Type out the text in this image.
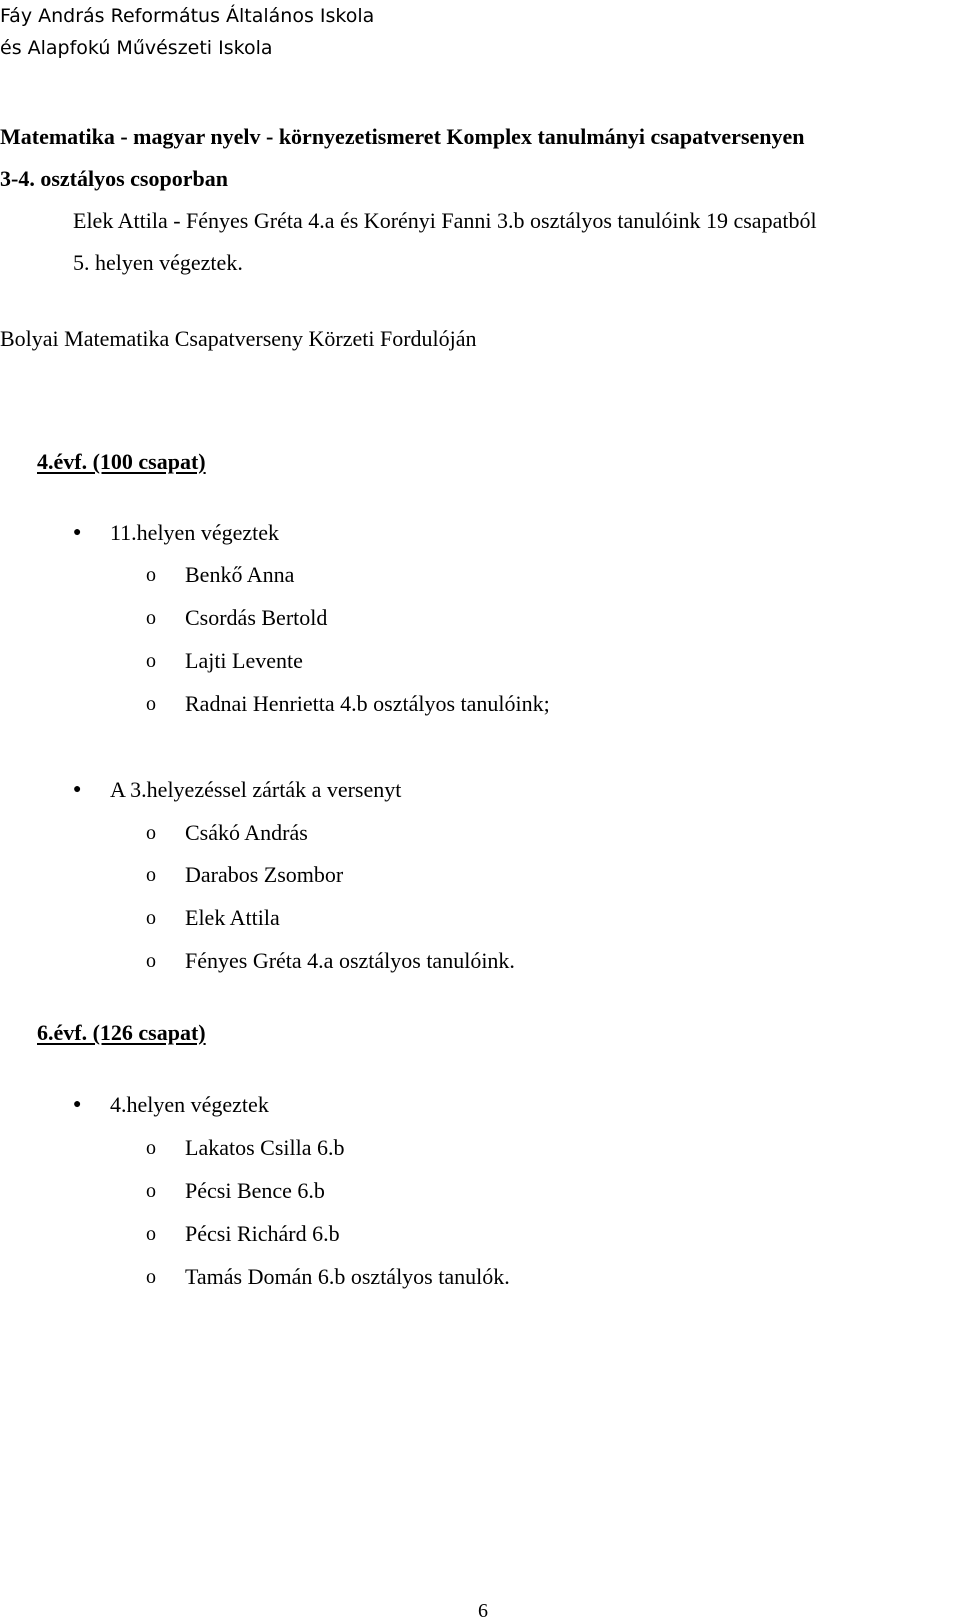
Fáy András Református Általános Iskola
és Alapfokú Művészeti Iskola
Matematika - magyar nyelv - környezetismeret Komplex tanulmányi csapatversenyen
3-4. osztályos csoporban
Elek Attila - Fényes Gréta 4.a és Korényi Fanni 3.b osztályos tanulóink 19 csapatból
5. helyen végeztek.
Bolyai Matematika Csapatverseny Körzeti Fordulóján
4.évf. (100 csapat)
● 11.helyen végeztek
o Benkő Anna
o Csordás Bertold
o Lajti Levente
o Radnai Henrietta 4.b osztályos tanulóink;
● A 3.helyezéssel zárták a versenyt
o Csákó András
o Darabos Zsombor
o Elek Attila
o Fényes Gréta 4.a osztályos tanulóink.
6.évf. (126 csapat)
● 4.helyen végeztek
o Lakatos Csilla 6.b
o Pécsi Bence 6.b
o Pécsi Richárd 6.b
o Tamás Domán 6.b osztályos tanulók.
6
